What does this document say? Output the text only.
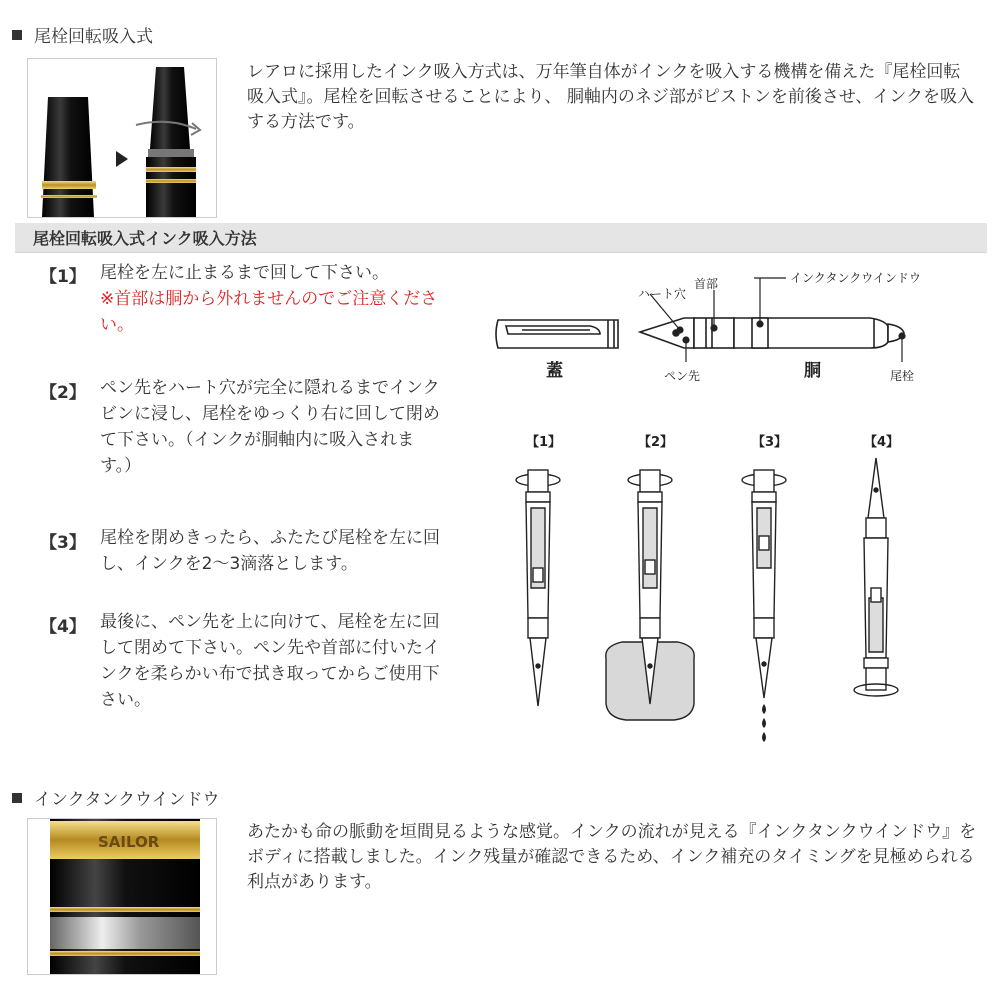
尾栓回転吸入式
レアロに採用したインク吸入方式は、万年筆自体がインクを吸入する機構を備えた『尾栓回転吸入式』。尾栓を回転させることにより、 胴軸内のネジ部がピストンを前後させ、インクを吸入する方法です。
尾栓回転吸入式インク吸入方法
【1】 尾栓を左に止まるまで回して下さい。
※首部は胴から外れませんのでご注意ください。
【2】 ペン先をハート穴が完全に隠れるまでインクビンに浸し、尾栓をゆっくり右に回して閉めて下さい。（インクが胴軸内に吸入されます。）
【3】 尾栓を閉めきったら、ふたたび尾栓を左に回し、インクを2〜3滴落とします。
【4】 最後に、ペン先を上に向けて、尾栓を左に回して閉めて下さい。ペン先や首部に付いたインクを柔らかい布で拭き取ってからご使用下さい。
ハート穴
首部	インクタンクウインドウ
蓋	ペン先	胴	尾栓
【1】	【2】	【3】	【4】
インクタンクウインドウ
SAILOR	あたかも命の脈動を垣間見るような感覚。インクの流れが見える『インクタンクウインドウ』をボディに搭載しました。インク残量が確認できるため、インク補充のタイミングを見極められる利点があります。
